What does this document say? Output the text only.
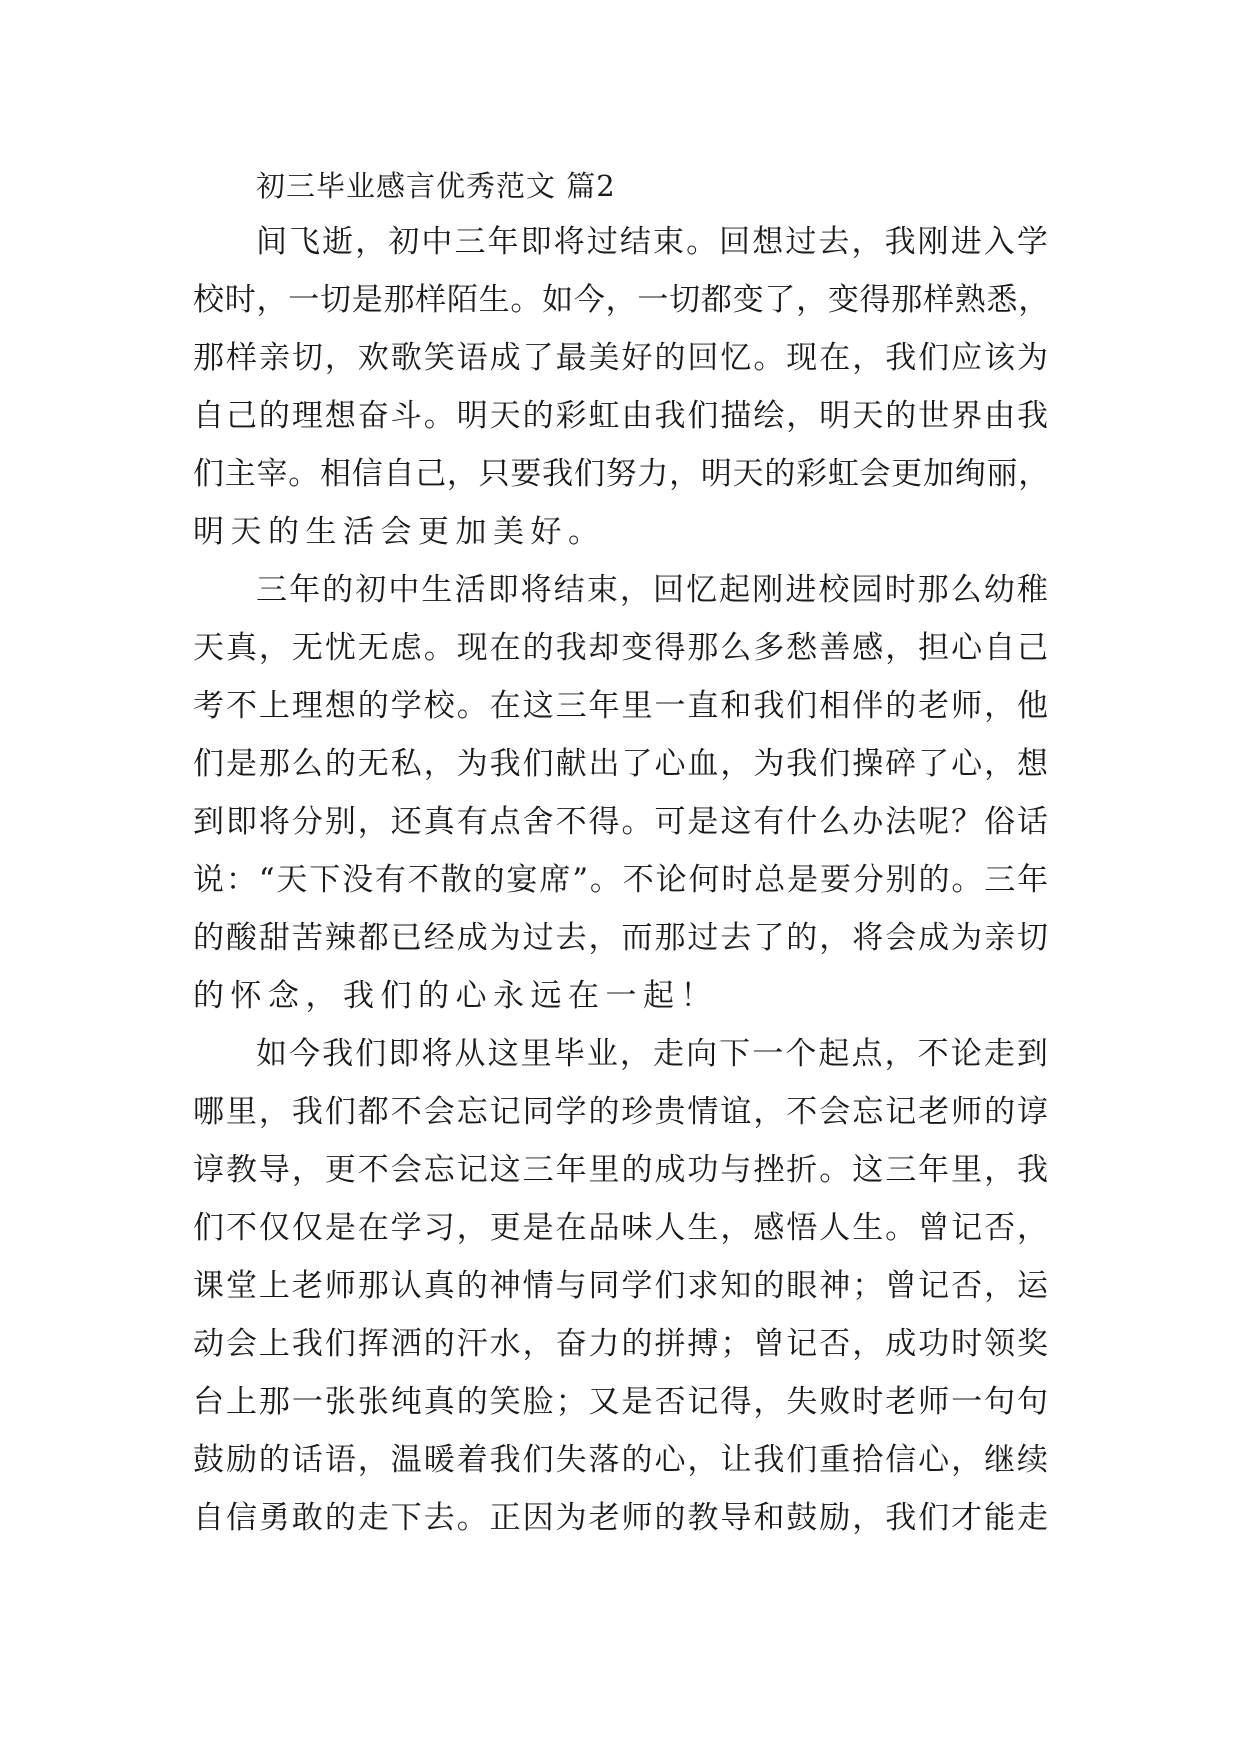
初三毕业感言优秀范文 篇2
间飞逝，初中三年即将过结束。回想过去，我刚进入学
校时，一切是那样陌生。如今，一切都变了，变得那样熟悉，
那样亲切，欢歌笑语成了最美好的回忆。现在，我们应该为
自己的理想奋斗。明天的彩虹由我们描绘，明天的世界由我
们主宰。相信自己，只要我们努力，明天的彩虹会更加绚丽，
明天的生活会更加美好。
三年的初中生活即将结束，回忆起刚进校园时那么幼稚
天真，无忧无虑。现在的我却变得那么多愁善感，担心自己
考不上理想的学校。在这三年里一直和我们相伴的老师，他
们是那么的无私，为我们献出了心血，为我们操碎了心，想
到即将分别，还真有点舍不得。可是这有什么办法呢？俗话
说：“天下没有不散的宴席”。不论何时总是要分别的。三年
的酸甜苦辣都已经成为过去，而那过去了的，将会成为亲切
的怀念，我们的心永远在一起！
如今我们即将从这里毕业，走向下一个起点，不论走到
哪里，我们都不会忘记同学的珍贵情谊，不会忘记老师的谆
谆教导，更不会忘记这三年里的成功与挫折。这三年里，我
们不仅仅是在学习，更是在品味人生，感悟人生。曾记否，
课堂上老师那认真的神情与同学们求知的眼神；曾记否，运
动会上我们挥洒的汗水，奋力的拼搏；曾记否，成功时领奖
台上那一张张纯真的笑脸；又是否记得，失败时老师一句句
鼓励的话语，温暖着我们失落的心，让我们重拾信心，继续
自信勇敢的走下去。正因为老师的教导和鼓励，我们才能走
